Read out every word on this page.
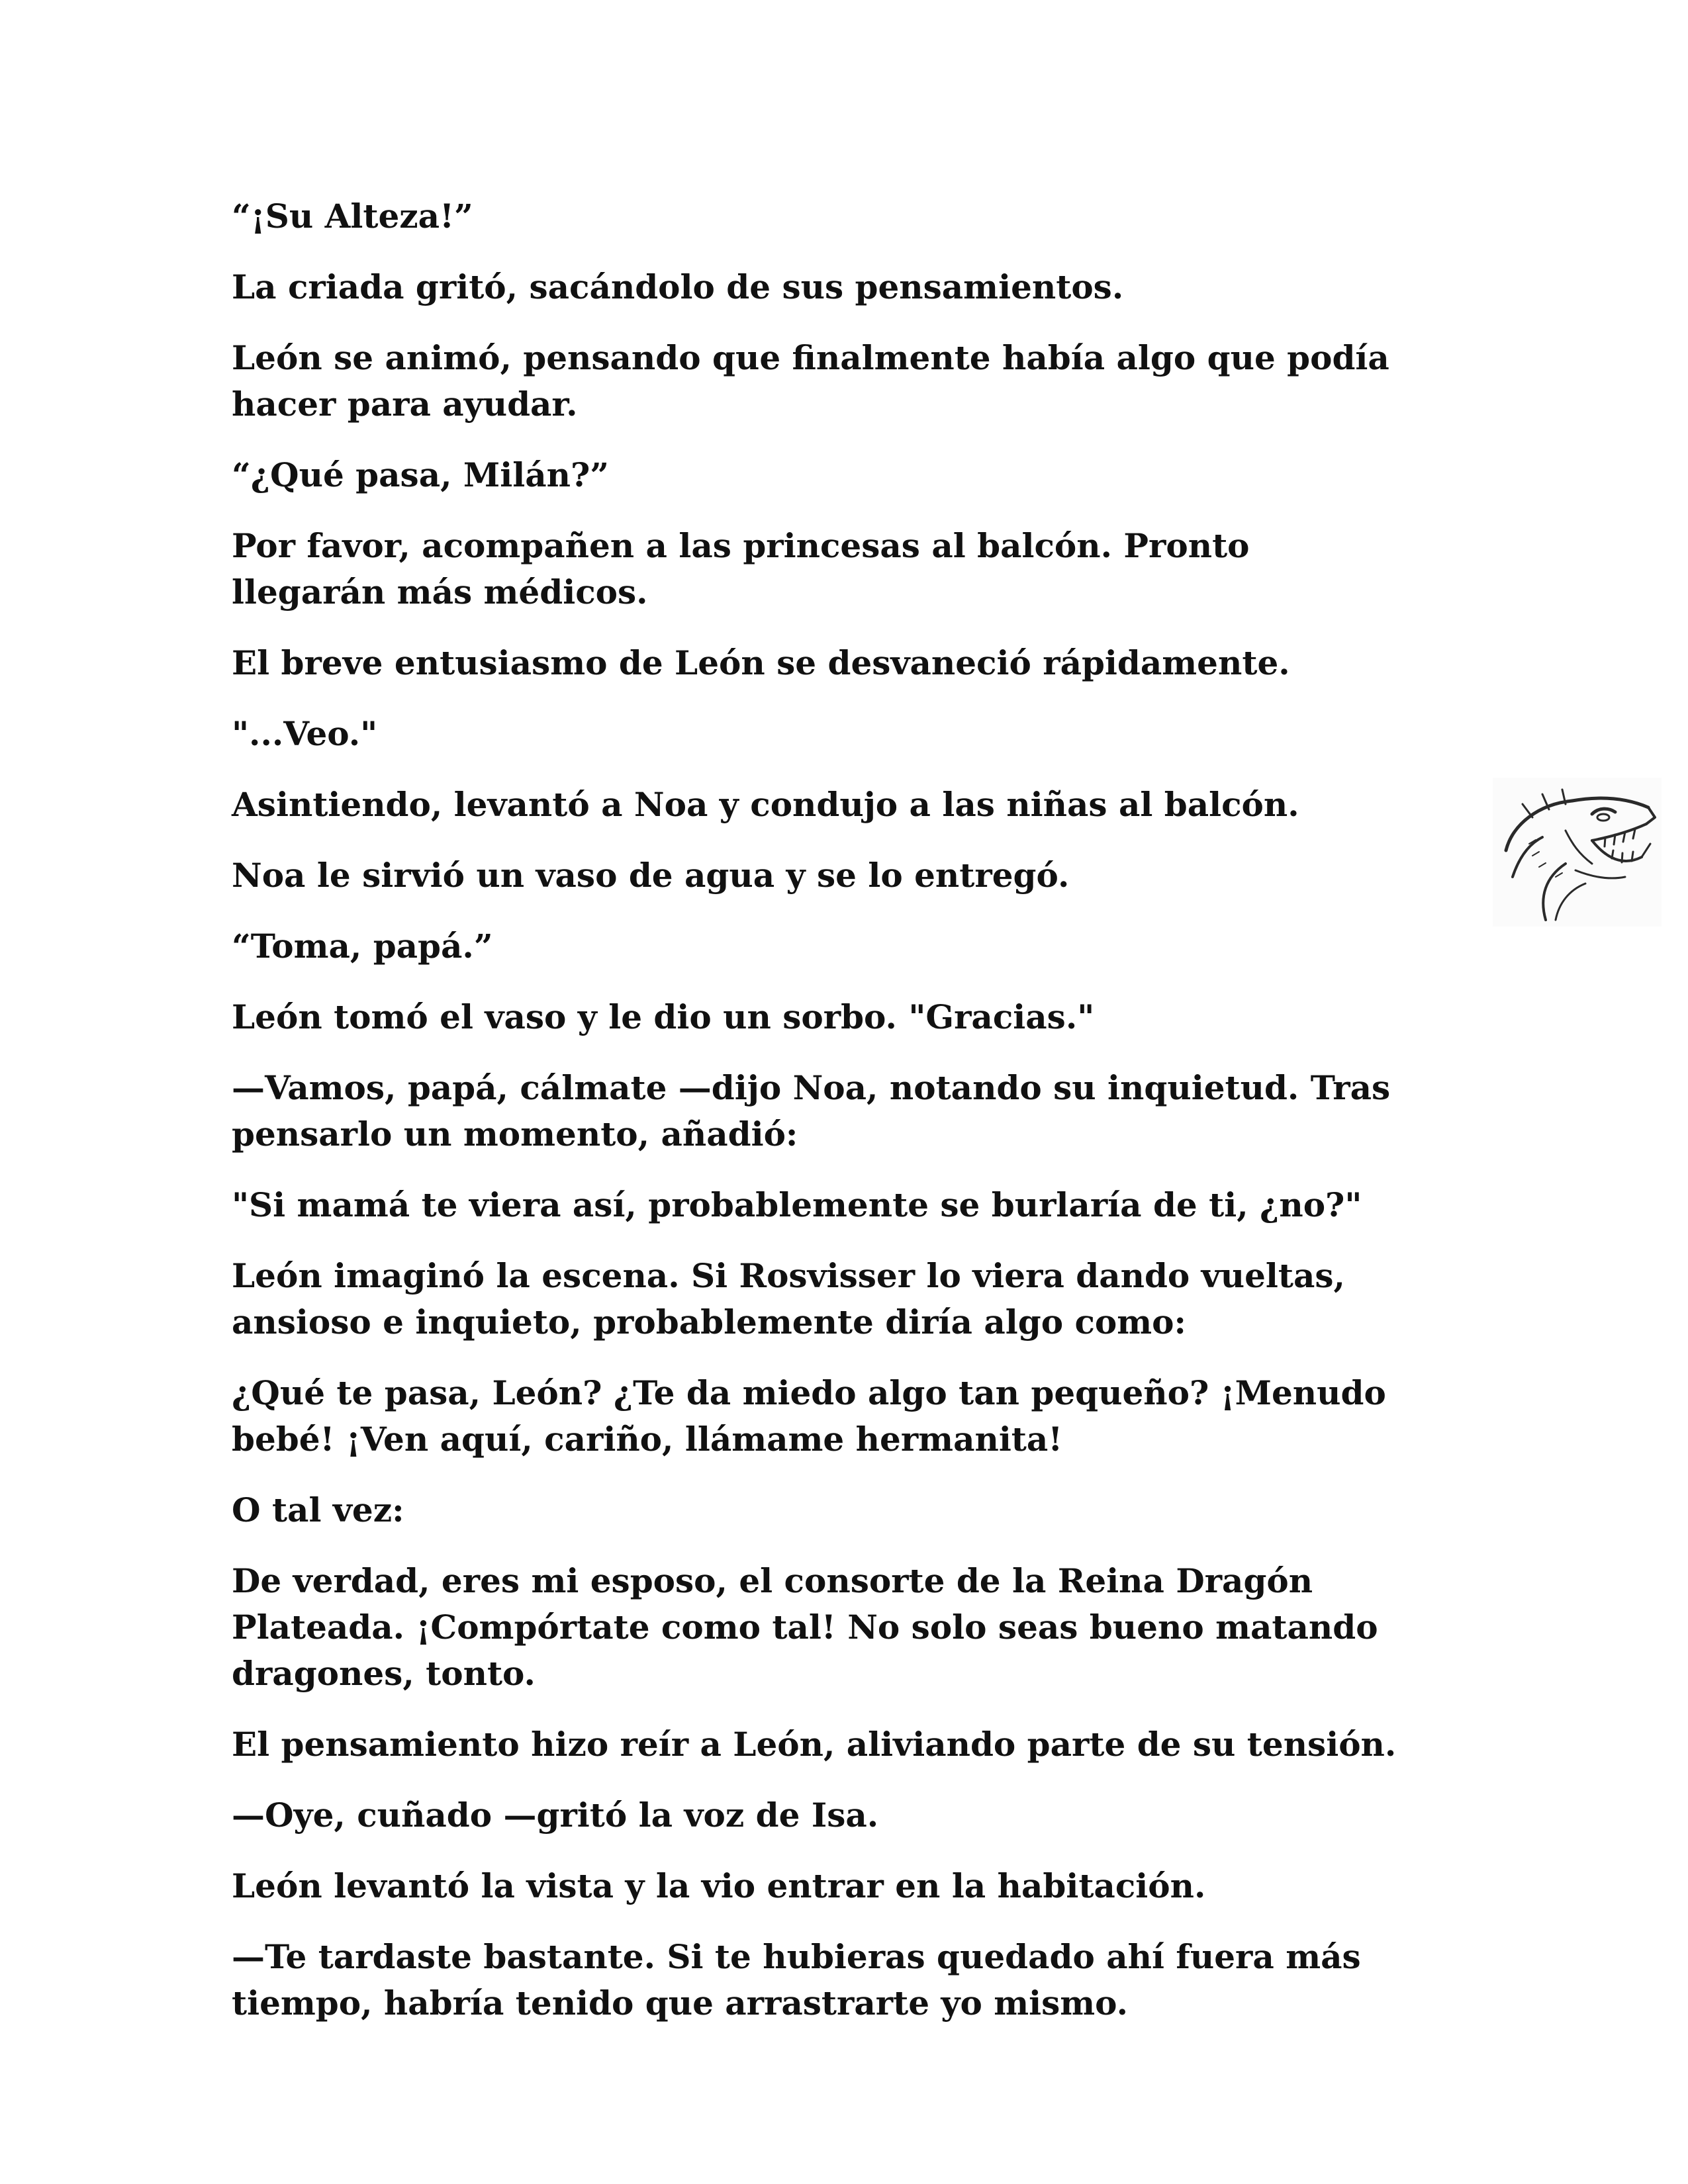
“¡Su Alteza!”

La criada gritó, sacándolo de sus pensamientos.

León se animó, pensando que finalmente había algo que podía
hacer para ayudar.

“¿Qué pasa, Milán?”

Por favor, acompañen a las princesas al balcón. Pronto
llegarán más médicos.

El breve entusiasmo de León se desvaneció rápidamente.

"...Veo."

Asintiendo, levantó a Noa y condujo a las niñas al balcón.

Noa le sirvió un vaso de agua y se lo entregó.

“Toma, papá.”

León tomó el vaso y le dio un sorbo. "Gracias."

—Vamos, papá, cálmate —dijo Noa, notando su inquietud. Tras
pensarlo un momento, añadió:

"Si mamá te viera así, probablemente se burlaría de ti, ¿no?"

León imaginó la escena. Si Rosvisser lo viera dando vueltas,
ansioso e inquieto, probablemente diría algo como:

¿Qué te pasa, León? ¿Te da miedo algo tan pequeño? ¡Menudo
bebé! ¡Ven aquí, cariño, llámame hermanita!

O tal vez:

De verdad, eres mi esposo, el consorte de la Reina Dragón
Plateada. ¡Compórtate como tal! No solo seas bueno matando
dragones, tonto.

El pensamiento hizo reír a León, aliviando parte de su tensión.

—Oye, cuñado —gritó la voz de Isa.

León levantó la vista y la vio entrar en la habitación.

—Te tardaste bastante. Si te hubieras quedado ahí fuera más
tiempo, habría tenido que arrastrarte yo mismo.
